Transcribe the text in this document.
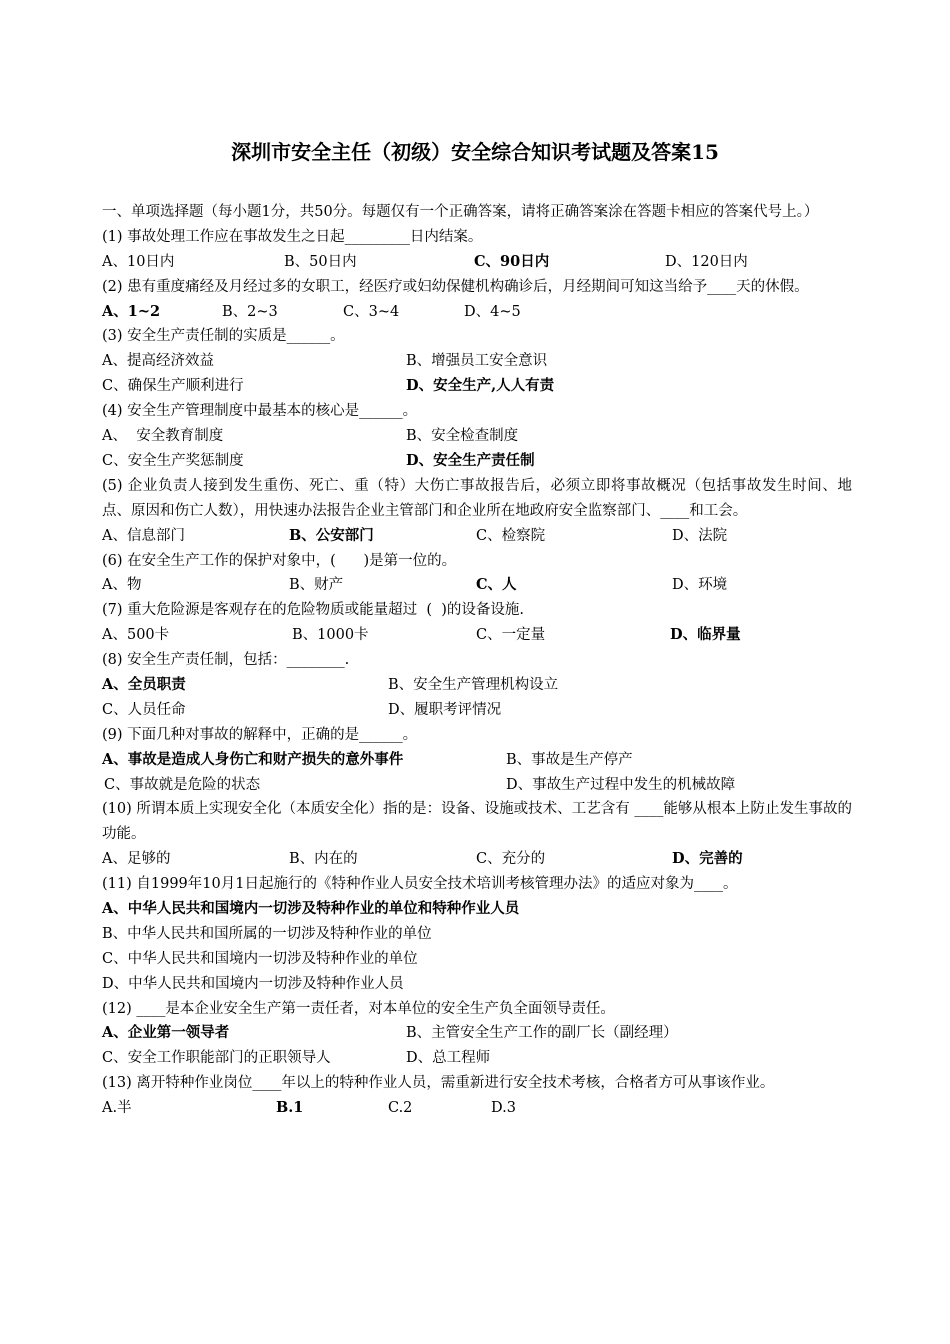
深圳市安全主任（初级）安全综合知识考试题及答案15
一、单项选择题（每小题1分，共50分。每题仅有一个正确答案，请将正确答案涂在答题卡相应的答案代号上。）
(1) 事故处理工作应在事故发生之日起_________日内结案。
A、10日内	B、50日内	C、90日内	D、120日内
(2) 患有重度痛经及月经过多的女职工，经医疗或妇幼保健机构确诊后，月经期间可知这当给予____天的休假。
A、1~2	B、2~3	C、3~4	D、4~5
(3) 安全生产责任制的实质是______。
A、提高经济效益	B、增强员工安全意识
C、确保生产顺利进行	D、安全生产,人人有责
(4) 安全生产管理制度中最基本的核心是______。
A、  安全教育制度	B、安全检查制度
C、安全生产奖惩制度	D、安全生产责任制
(5) 企业负责人接到发生重伤、死亡、重（特）大伤亡事故报告后，必须立即将事故概况（包括事故发生时间、地点、原因和伤亡人数），用快速办法报告企业主管部门和企业所在地政府安全监察部门、____和工会。
A、信息部门	B、公安部门	C、检察院	D、法院
(6) 在安全生产工作的保护对象中，(      )是第一位的。
A、物	B、财产	C、人	D、环境
(7) 重大危险源是客观存在的危险物质或能量超过  (  )的设备设施.
A、500卡	B、1000卡	C、一定量	D、临界量
(8) 安全生产责任制，包括：________.
A、全员职责	B、安全生产管理机构设立
C、人员任命	D、履职考评情况
(9) 下面几种对事故的解释中，正确的是______。
A、事故是造成人身伤亡和财产损失的意外事件	B、事故是生产停产
C、事故就是危险的状态	D、事故生产过程中发生的机械故障
(10) 所谓本质上实现安全化（本质安全化）指的是：设备、设施或技术、工艺含有 ____能够从根本上防止发生事故的功能。
A、足够的	B、内在的	C、充分的	D、完善的
(11) 自1999年10月1日起施行的《特种作业人员安全技术培训考核管理办法》的适应对象为____。
A、中华人民共和国境内一切涉及特种作业的单位和特种作业人员
B、中华人民共和国所属的一切涉及特种作业的单位
C、中华人民共和国境内一切涉及特种作业的单位
D、中华人民共和国境内一切涉及特种作业人员
(12) ____是本企业安全生产第一责任者，对本单位的安全生产负全面领导责任。
A、企业第一领导者	B、主管安全生产工作的副厂长（副经理）
C、安全工作职能部门的正职领导人	D、总工程师
(13) 离开特种作业岗位____年以上的特种作业人员，需重新进行安全技术考核，合格者方可从事该作业。
A.半	B.1	C.2	D.3
